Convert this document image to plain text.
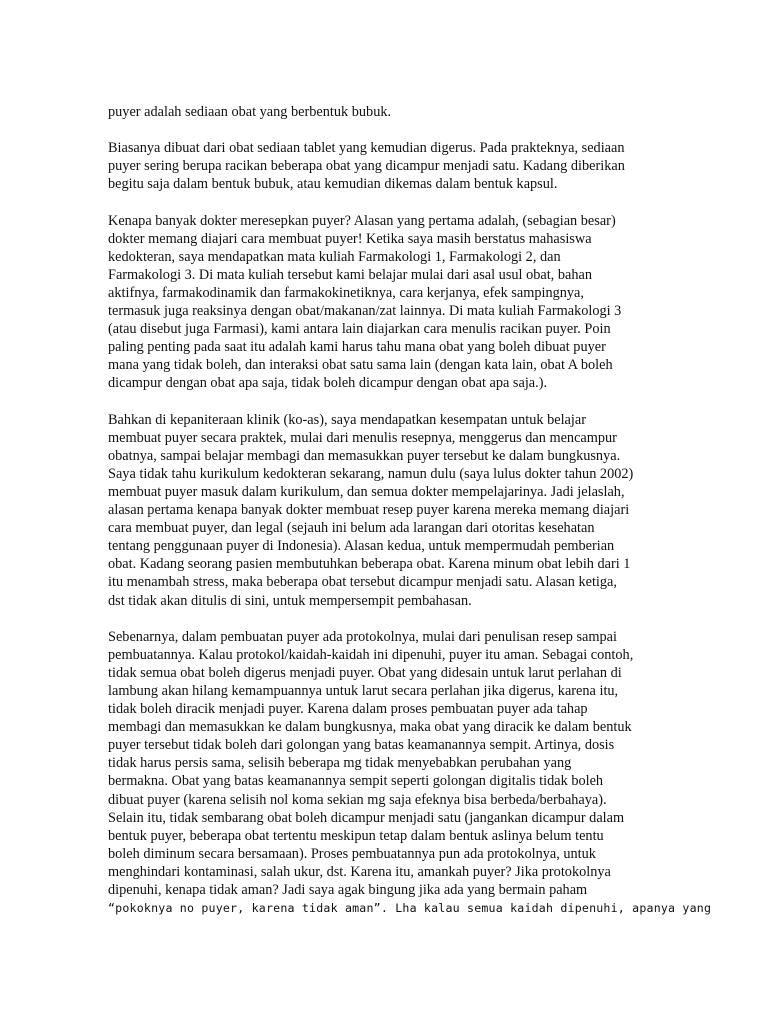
puyer adalah sediaan obat yang berbentuk bubuk.
Biasanya dibuat dari obat sediaan tablet yang kemudian digerus. Pada prakteknya, sediaan
puyer sering berupa racikan beberapa obat yang dicampur menjadi satu. Kadang diberikan
begitu saja dalam bentuk bubuk, atau kemudian dikemas dalam bentuk kapsul.
Kenapa banyak dokter meresepkan puyer? Alasan yang pertama adalah, (sebagian besar)
dokter memang diajari cara membuat puyer! Ketika saya masih berstatus mahasiswa
kedokteran, saya mendapatkan mata kuliah Farmakologi 1, Farmakologi 2, dan
Farmakologi 3. Di mata kuliah tersebut kami belajar mulai dari asal usul obat, bahan
aktifnya, farmakodinamik dan farmakokinetiknya, cara kerjanya, efek sampingnya,
termasuk juga reaksinya dengan obat/makanan/zat lainnya. Di mata kuliah Farmakologi 3
(atau disebut juga Farmasi), kami antara lain diajarkan cara menulis racikan puyer. Poin
paling penting pada saat itu adalah kami harus tahu mana obat yang boleh dibuat puyer
mana yang tidak boleh, dan interaksi obat satu sama lain (dengan kata lain, obat A boleh
dicampur dengan obat apa saja, tidak boleh dicampur dengan obat apa saja.).
Bahkan di kepaniteraan klinik (ko-as), saya mendapatkan kesempatan untuk belajar
membuat puyer secara praktek, mulai dari menulis resepnya, menggerus dan mencampur
obatnya, sampai belajar membagi dan memasukkan puyer tersebut ke dalam bungkusnya.
Saya tidak tahu kurikulum kedokteran sekarang, namun dulu (saya lulus dokter tahun 2002)
membuat puyer masuk dalam kurikulum, dan semua dokter mempelajarinya. Jadi jelaslah,
alasan pertama kenapa banyak dokter membuat resep puyer karena mereka memang diajari
cara membuat puyer, dan legal (sejauh ini belum ada larangan dari otoritas kesehatan
tentang penggunaan puyer di Indonesia). Alasan kedua, untuk mempermudah pemberian
obat. Kadang seorang pasien membutuhkan beberapa obat. Karena minum obat lebih dari 1
itu menambah stress, maka beberapa obat tersebut dicampur menjadi satu. Alasan ketiga,
dst tidak akan ditulis di sini, untuk mempersempit pembahasan.
Sebenarnya, dalam pembuatan puyer ada protokolnya, mulai dari penulisan resep sampai
pembuatannya. Kalau protokol/kaidah-kaidah ini dipenuhi, puyer itu aman. Sebagai contoh,
tidak semua obat boleh digerus menjadi puyer. Obat yang didesain untuk larut perlahan di
lambung akan hilang kemampuannya untuk larut secara perlahan jika digerus, karena itu,
tidak boleh diracik menjadi puyer. Karena dalam proses pembuatan puyer ada tahap
membagi dan memasukkan ke dalam bungkusnya, maka obat yang diracik ke dalam bentuk
puyer tersebut tidak boleh dari golongan yang batas keamanannya sempit. Artinya, dosis
tidak harus persis sama, selisih beberapa mg tidak menyebabkan perubahan yang
bermakna. Obat yang batas keamanannya sempit seperti golongan digitalis tidak boleh
dibuat puyer (karena selisih nol koma sekian mg saja efeknya bisa berbeda/berbahaya).
Selain itu, tidak sembarang obat boleh dicampur menjadi satu (jangankan dicampur dalam
bentuk puyer, beberapa obat tertentu meskipun tetap dalam bentuk aslinya belum tentu
boleh diminum secara bersamaan). Proses pembuatannya pun ada protokolnya, untuk
menghindari kontaminasi, salah ukur, dst. Karena itu, amankah puyer? Jika protokolnya
dipenuhi, kenapa tidak aman? Jadi saya agak bingung jika ada yang bermain paham
“pokoknya no puyer, karena tidak aman”. Lha kalau semua kaidah dipenuhi, apanya yang
